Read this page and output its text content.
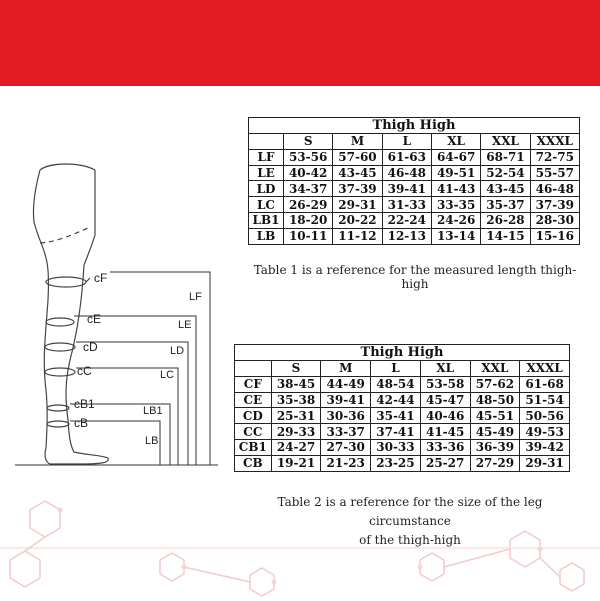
cF
LF
cE	LE
cD	LD
cC	LC
cB1	LB1
cB
LB
Thigh High						
	S	M	L	XL	XXL	XXXL
LF	53-56	57-60	61-63	64-67	68-71	72-75
LE	40-42	43-45	46-48	49-51	52-54	55-57
LD	34-37	37-39	39-41	41-43	43-45	46-48
LC	26-29	29-31	31-33	33-35	35-37	37-39
LB1	18-20	20-22	22-24	24-26	26-28	28-30
LB	10-11	11-12	12-13	13-14	14-15	15-16
Table 1 is a reference for the measured length thigh-high
Thigh High						
	S	M	L	XL	XXL	XXXL
CF	38-45	44-49	48-54	53-58	57-62	61-68
CE	35-38	39-41	42-44	45-47	48-50	51-54
CD	25-31	30-36	35-41	40-46	45-51	50-56
CC	29-33	33-37	37-41	41-45	45-49	49-53
CB1	24-27	27-30	30-33	33-36	36-39	39-42
CB	19-21	21-23	23-25	25-27	27-29	29-31
Table 2 is a reference for the size of the leg circumstance
of the thigh-high
